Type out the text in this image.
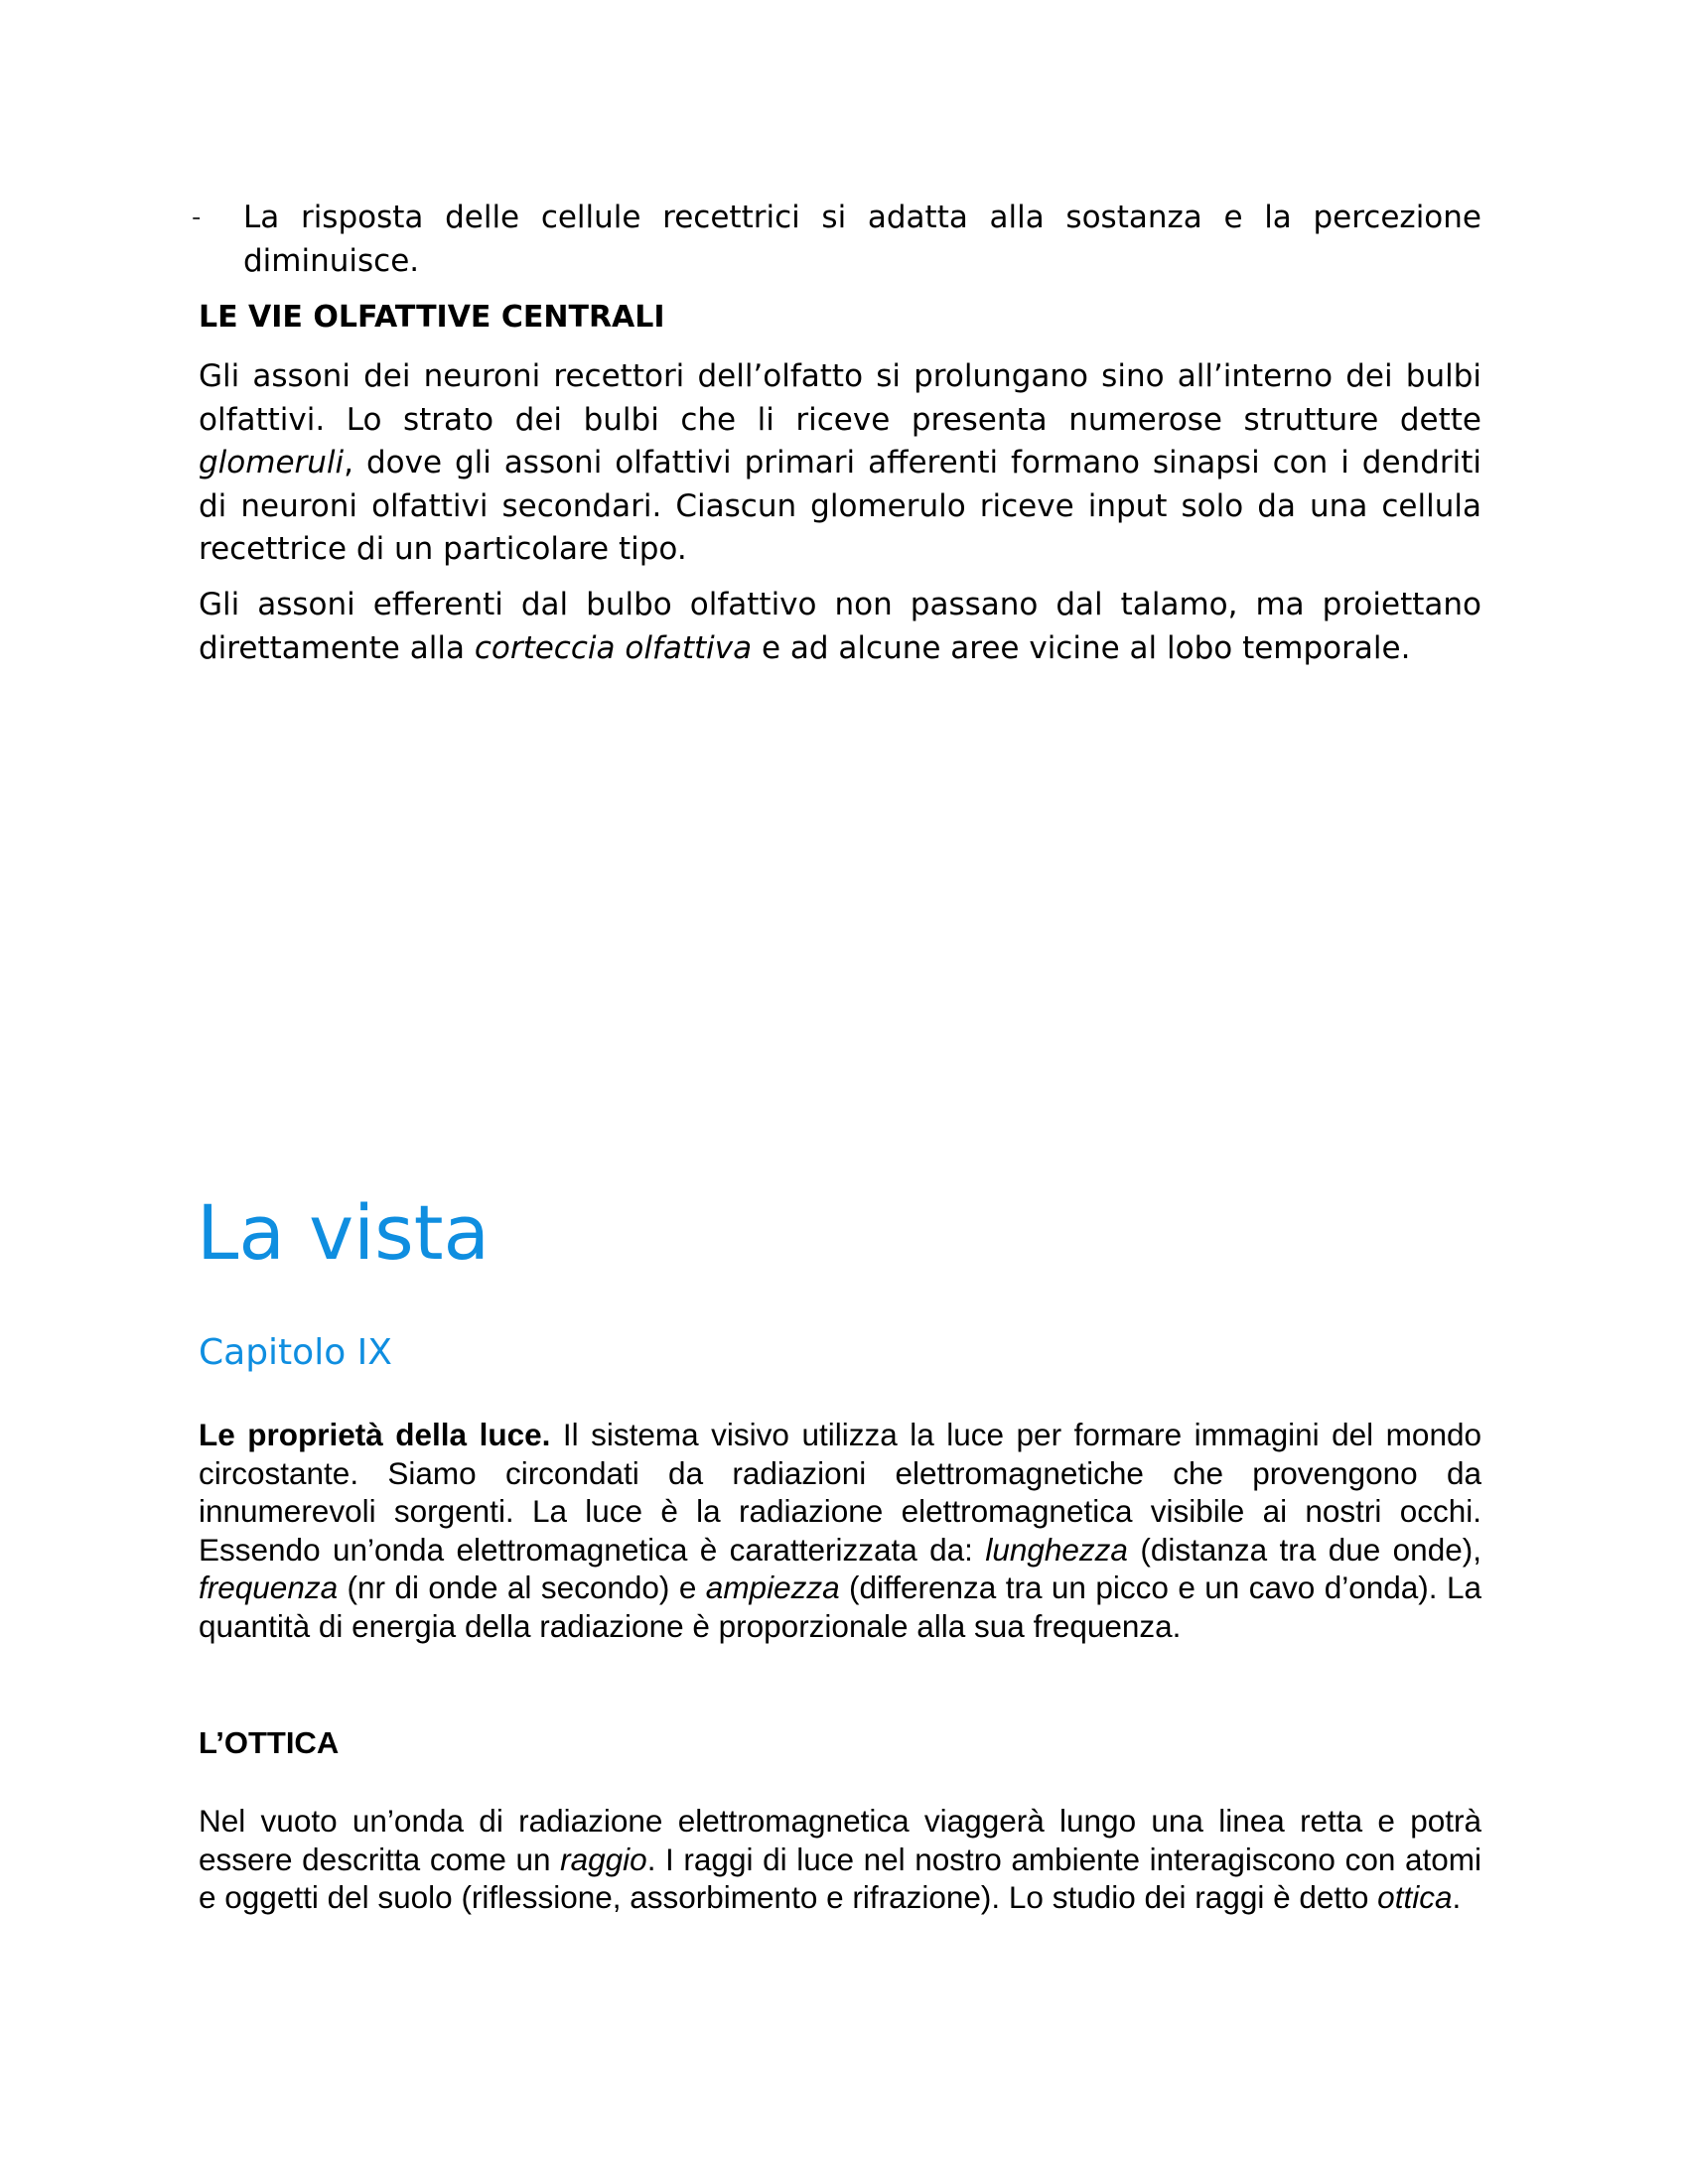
- La risposta delle cellule recettrici si adatta alla sostanza e la percezione diminuisce.

LE VIE OLFATTIVE CENTRALI

Gli assoni dei neuroni recettori dell’olfatto si prolungano sino all’interno dei bulbi olfattivi. Lo strato dei bulbi che li riceve presenta numerose strutture dette glomeruli, dove gli assoni olfattivi primari afferenti formano sinapsi con i dendriti di neuroni olfattivi secondari. Ciascun glomerulo riceve input solo da una cellula recettrice di un particolare tipo.

Gli assoni efferenti dal bulbo olfattivo non passano dal talamo, ma proiettano direttamente alla corteccia olfattiva e ad alcune aree vicine al lobo temporale.

La vista
Capitolo IX

Le proprietà della luce. Il sistema visivo utilizza la luce per formare immagini del mondo circostante. Siamo circondati da radiazioni elettromagnetiche che provengono da innumerevoli sorgenti. La luce è la radiazione elettromagnetica visibile ai nostri occhi. Essendo un’onda elettromagnetica è caratterizzata da: lunghezza (distanza tra due onde), frequenza (nr di onde al secondo) e ampiezza (differenza tra un picco e un cavo d’onda). La quantità di energia della radiazione è proporzionale alla sua frequenza.

L’OTTICA

Nel vuoto un’onda di radiazione elettromagnetica viaggerà lungo una linea retta e potrà essere descritta come un raggio. I raggi di luce nel nostro ambiente interagiscono con atomi e oggetti del suolo (riflessione, assorbimento e rifrazione). Lo studio dei raggi è detto ottica.
